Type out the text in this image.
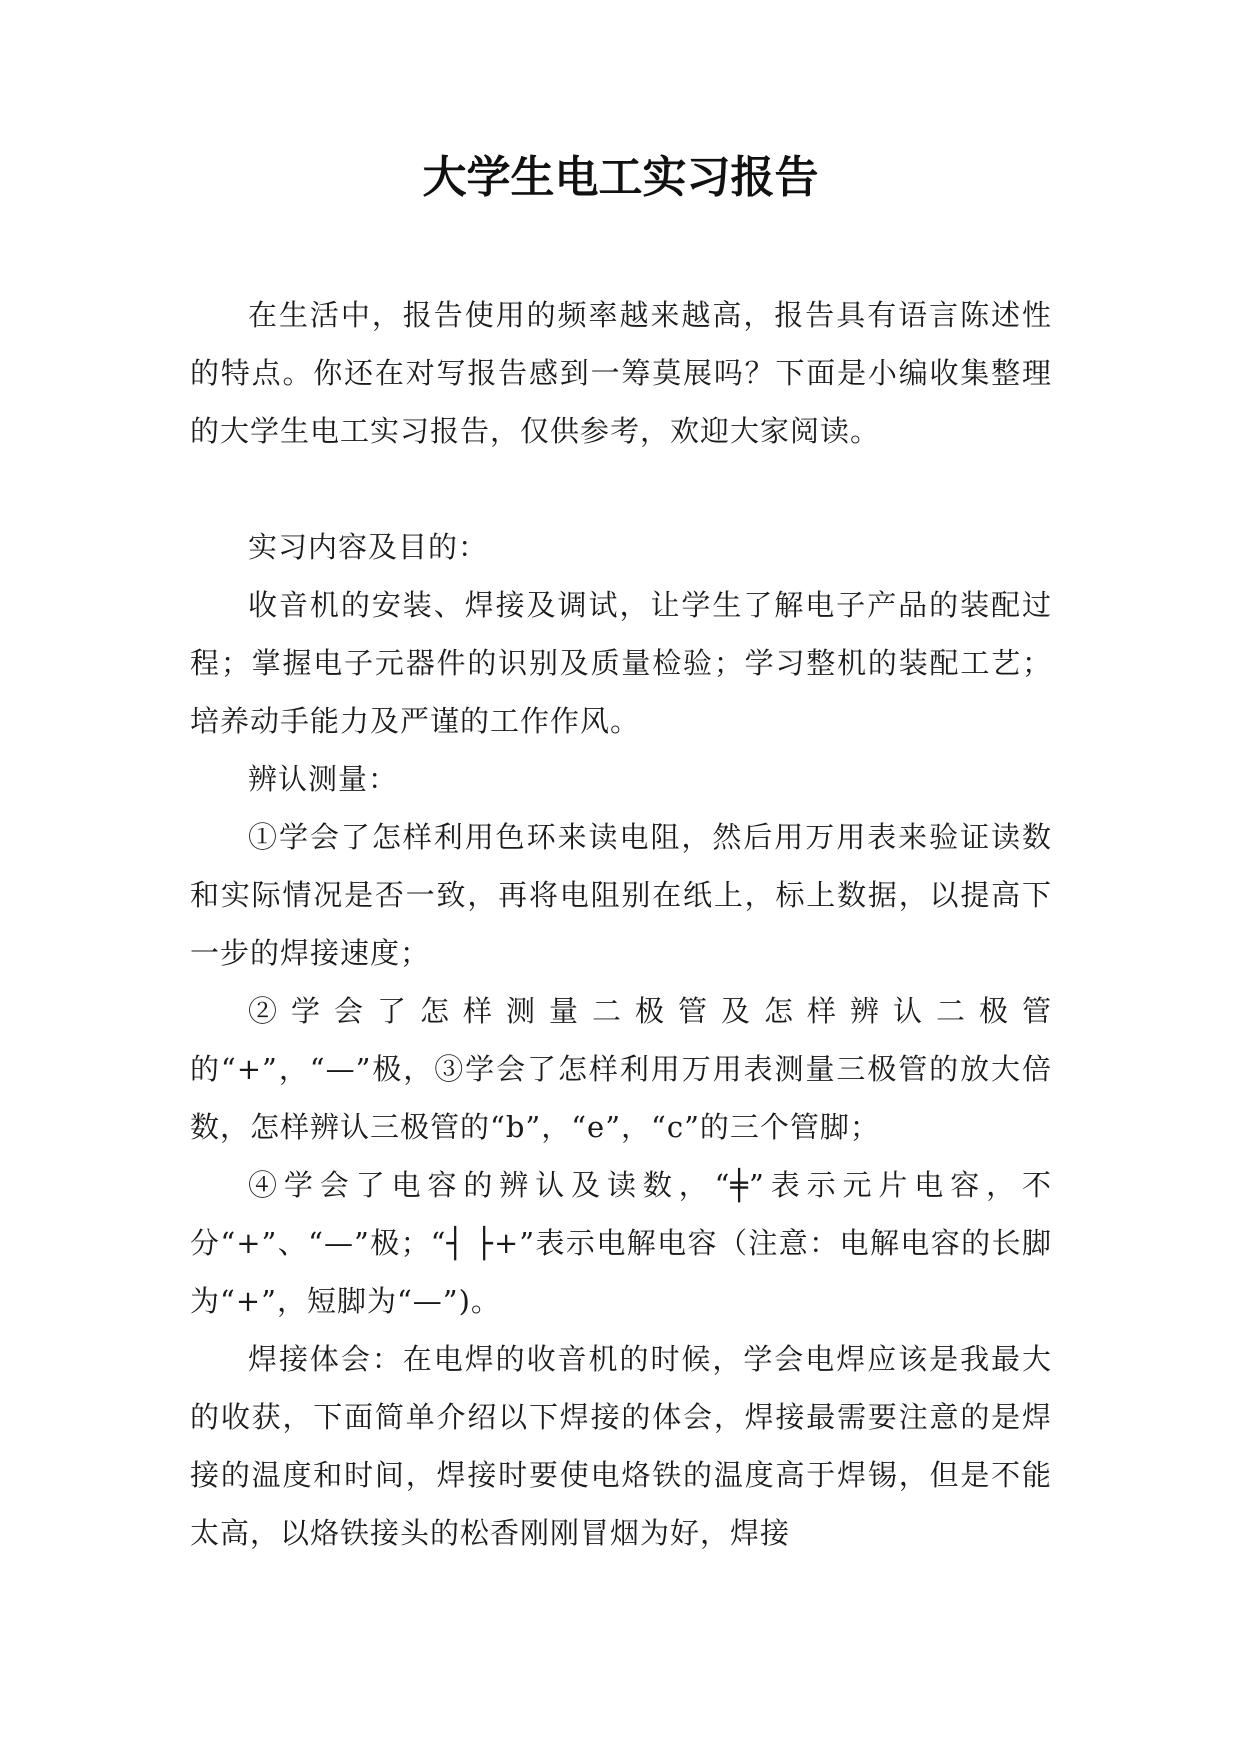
大学生电工实习报告

在生活中，报告使用的频率越来越高，报告具有语言陈述性的特点。你还在对写报告感到一筹莫展吗？下面是小编收集整理的大学生电工实习报告，仅供参考，欢迎大家阅读。

实习内容及目的：

收音机的安装、焊接及调试，让学生了解电子产品的装配过程；掌握电子元器件的识别及质量检验；学习整机的装配工艺；培养动手能力及严谨的工作作风。

辨认测量：

①学会了怎样利用色环来读电阻，然后用万用表来验证读数和实际情况是否一致，再将电阻别在纸上，标上数据，以提高下一步的焊接速度；

②学会了怎样测量二极管及怎样辨认二极管的“+”，“—”极，③学会了怎样利用万用表测量三极管的放大倍数，怎样辨认三极管的“b”，“e”，“c”的三个管脚；

④学会了电容的辨认及读数，“╪”表示元片电容，不分“+”、“—”极；“┤ ├+”表示电解电容（注意：电解电容的长脚为“+”，短脚为“—”)。

焊接体会：在电焊的收音机的时候，学会电焊应该是我最大的收获，下面简单介绍以下焊接的体会，焊接最需要注意的是焊接的温度和时间，焊接时要使电烙铁的温度高于焊锡，但是不能太高，以烙铁接头的松香刚刚冒烟为好，焊接
